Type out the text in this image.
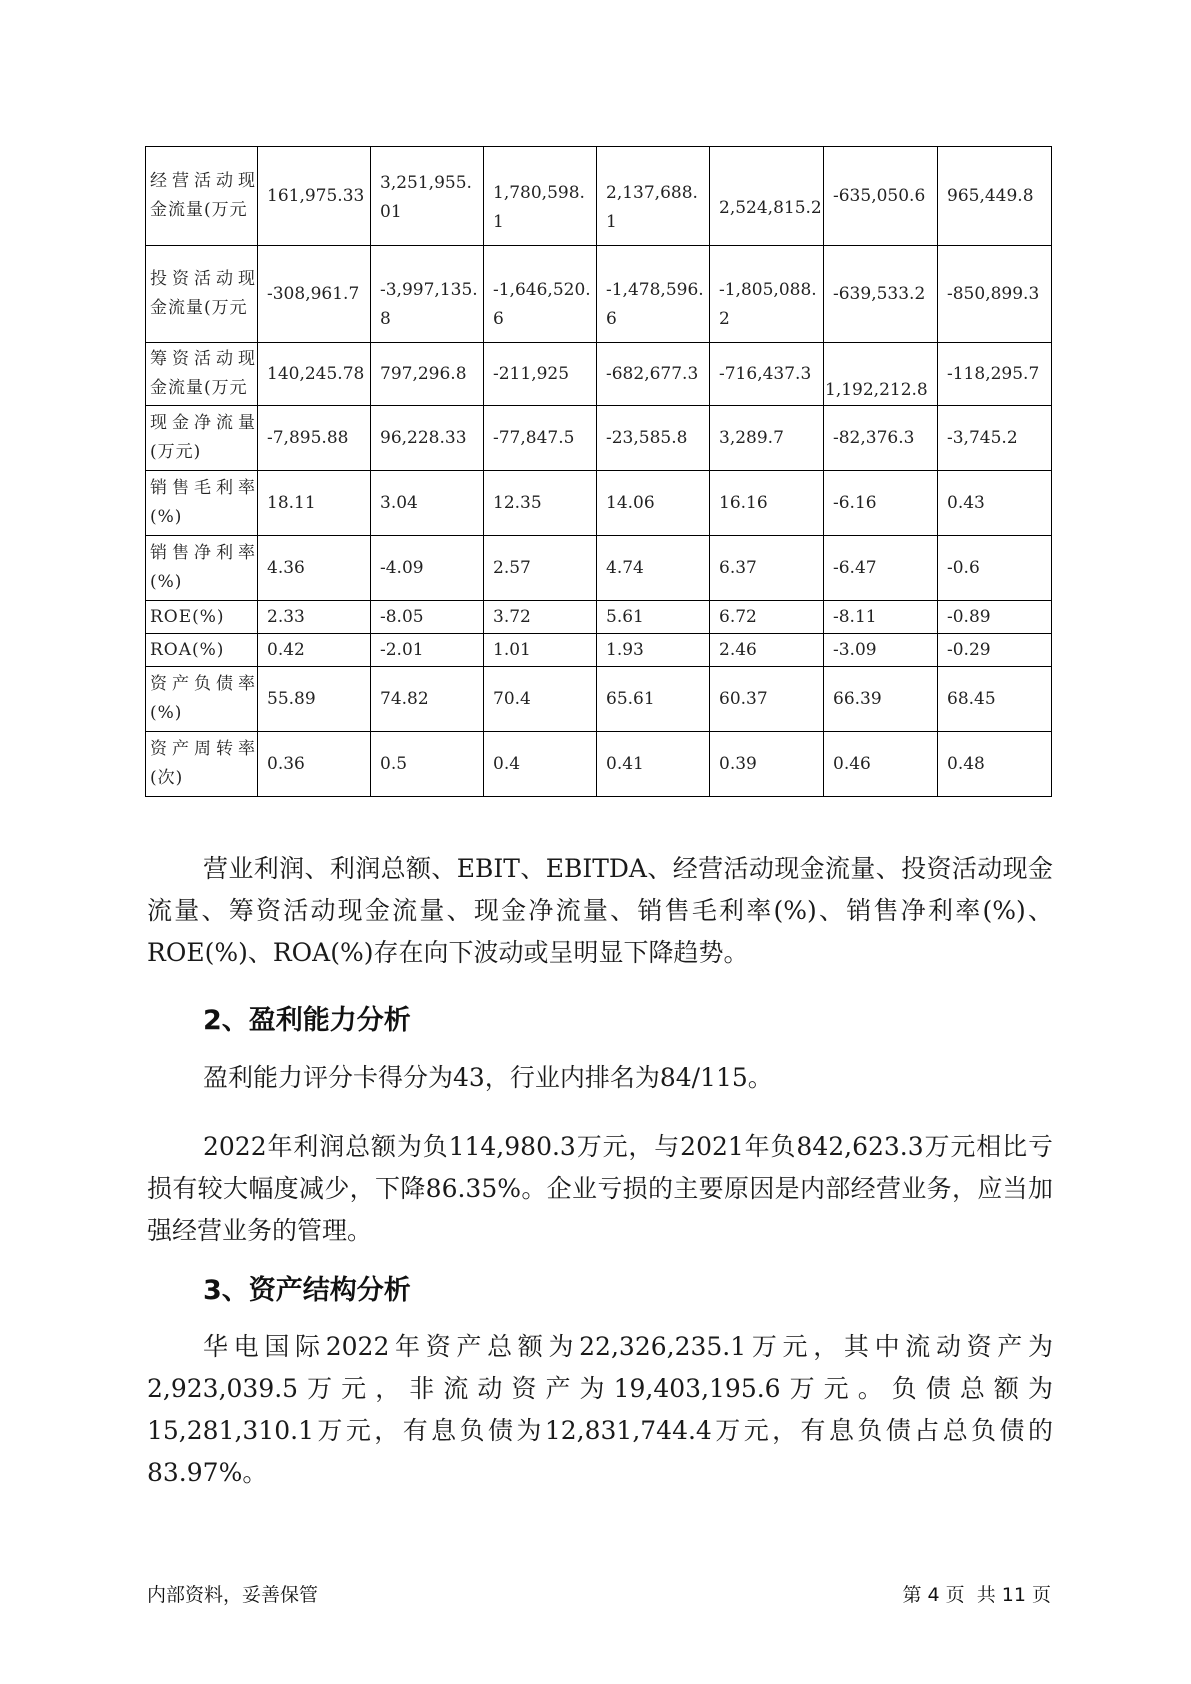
经营活动现金流量(万元	161,975.33	3,251,955.01	1,780,598.1	2,137,688.1	2,524,815.2	-635,050.6	965,449.8
投资活动现金流量(万元	-308,961.7	-3,997,135.8	-1,646,520.6	-1,478,596.6	-1,805,088.2	-639,533.2	-850,899.3
筹资活动现金流量(万元	140,245.78	797,296.8	-211,925	-682,677.3	-716,437.3	1,192,212.8	-118,295.7
现金净流量(万元)	-7,895.88	96,228.33	-77,847.5	-23,585.8	3,289.7	-82,376.3	-3,745.2
销售毛利率(%)	18.11	3.04	12.35	14.06	16.16	-6.16	0.43
销售净利率(%)	4.36	-4.09	2.57	4.74	6.37	-6.47	-0.6
ROE(%)	2.33	-8.05	3.72	5.61	6.72	-8.11	-0.89
ROA(%)	0.42	-2.01	1.01	1.93	2.46	-3.09	-0.29
资产负债率(%)	55.89	74.82	70.4	65.61	60.37	66.39	68.45
资产周转率(次)	0.36	0.5	0.4	0.41	0.39	0.46	0.48

营业利润、利润总额、EBIT、EBITDA、经营活动现金流量、投资活动现金流量、筹资活动现金流量、现金净流量、销售毛利率(%)、销售净利率(%)、ROE(%)、ROA(%)存在向下波动或呈明显下降趋势。

2、盈利能力分析

盈利能力评分卡得分为43，行业内排名为84/115。

2022年利润总额为负114,980.3万元，与2021年负842,623.3万元相比亏损有较大幅度减少，下降86.35%。企业亏损的主要原因是内部经营业务，应当加强经营业务的管理。

3、资产结构分析

华电国际2022年资产总额为22,326,235.1万元，其中流动资产为2,923,039.5万元，非流动资产为19,403,195.6万元。负债总额为15,281,310.1万元，有息负债为12,831,744.4万元，有息负债占总负债的83.97%。

内部资料，妥善保管	第 4 页  共 11 页
